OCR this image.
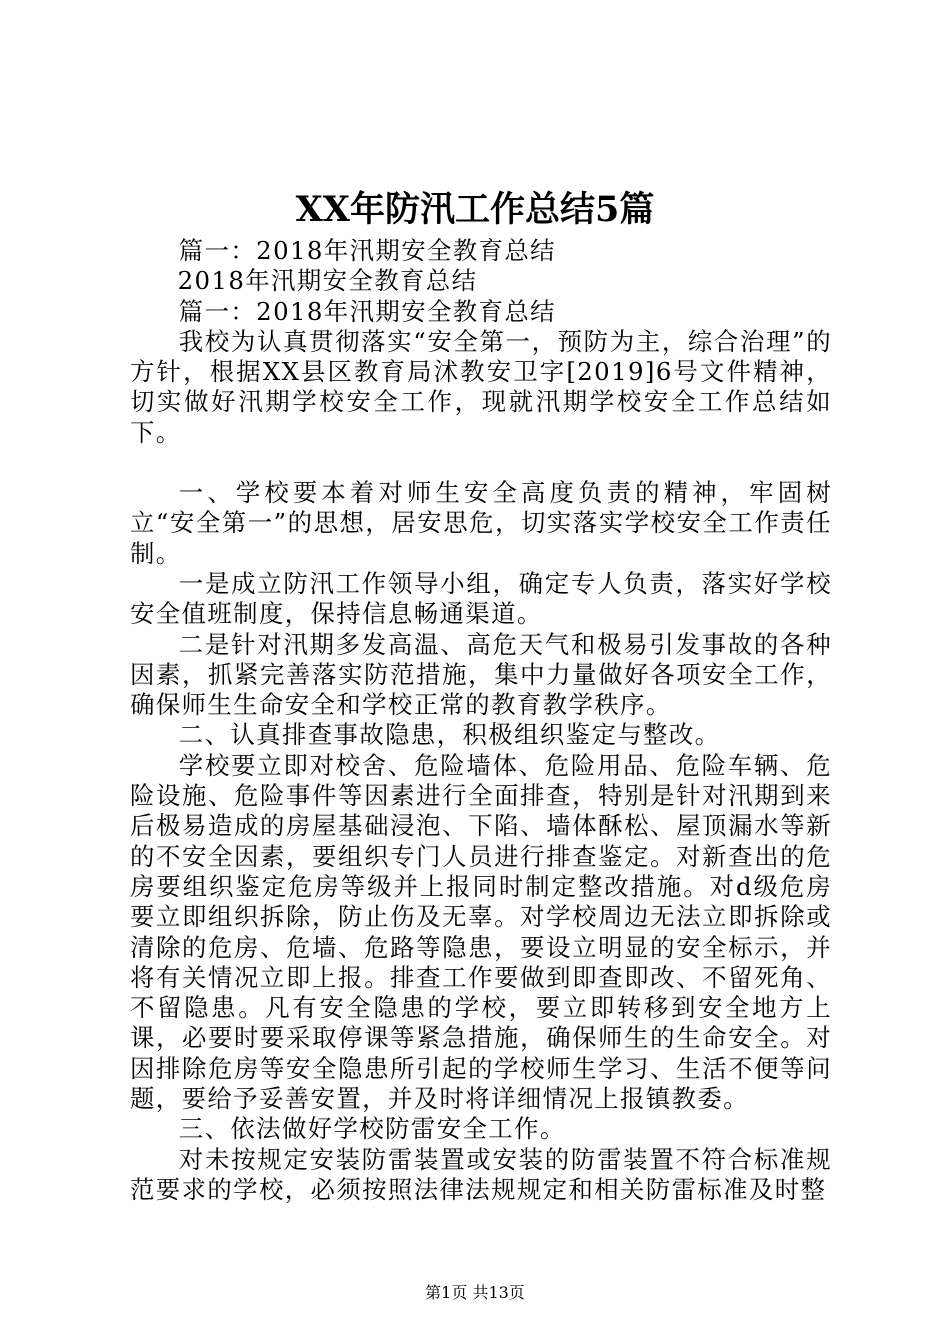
XX年防汛工作总结5篇

篇一：2018年汛期安全教育总结

2018年汛期安全教育总结

篇一：2018年汛期安全教育总结

我校为认真贯彻落实“安全第一，预防为主，综合治理”的方针，根据XX县区教育局沭教安卫字[2019]6号文件精神，切实做好汛期学校安全工作，现就汛期学校安全工作总结如下。

一、学校要本着对师生安全高度负责的精神，牢固树立“安全第一”的思想，居安思危，切实落实学校安全工作责任制。

一是成立防汛工作领导小组，确定专人负责，落实好学校安全值班制度，保持信息畅通渠道。

二是针对汛期多发高温、高危天气和极易引发事故的各种因素，抓紧完善落实防范措施，集中力量做好各项安全工作，确保师生生命安全和学校正常的教育教学秩序。

二、认真排查事故隐患，积极组织鉴定与整改。

学校要立即对校舍、危险墙体、危险用品、危险车辆、危险设施、危险事件等因素进行全面排查，特别是针对汛期到来后极易造成的房屋基础浸泡、下陷、墙体酥松、屋顶漏水等新的不安全因素，要组织专门人员进行排查鉴定。对新查出的危房要组织鉴定危房等级并上报同时制定整改措施。对d级危房要立即组织拆除，防止伤及无辜。对学校周边无法立即拆除或清除的危房、危墙、危路等隐患，要设立明显的安全标示，并将有关情况立即上报。排查工作要做到即查即改、不留死角、不留隐患。凡有安全隐患的学校，要立即转移到安全地方上课，必要时要采取停课等紧急措施，确保师生的生命安全。对因排除危房等安全隐患所引起的学校师生学习、生活不便等问题，要给予妥善安置，并及时将详细情况上报镇教委。

三、依法做好学校防雷安全工作。

对未按规定安装防雷装置或安装的防雷装置不符合标准规范要求的学校，必须按照法律法规规定和相关防雷标准及时整

第1页 共13页
